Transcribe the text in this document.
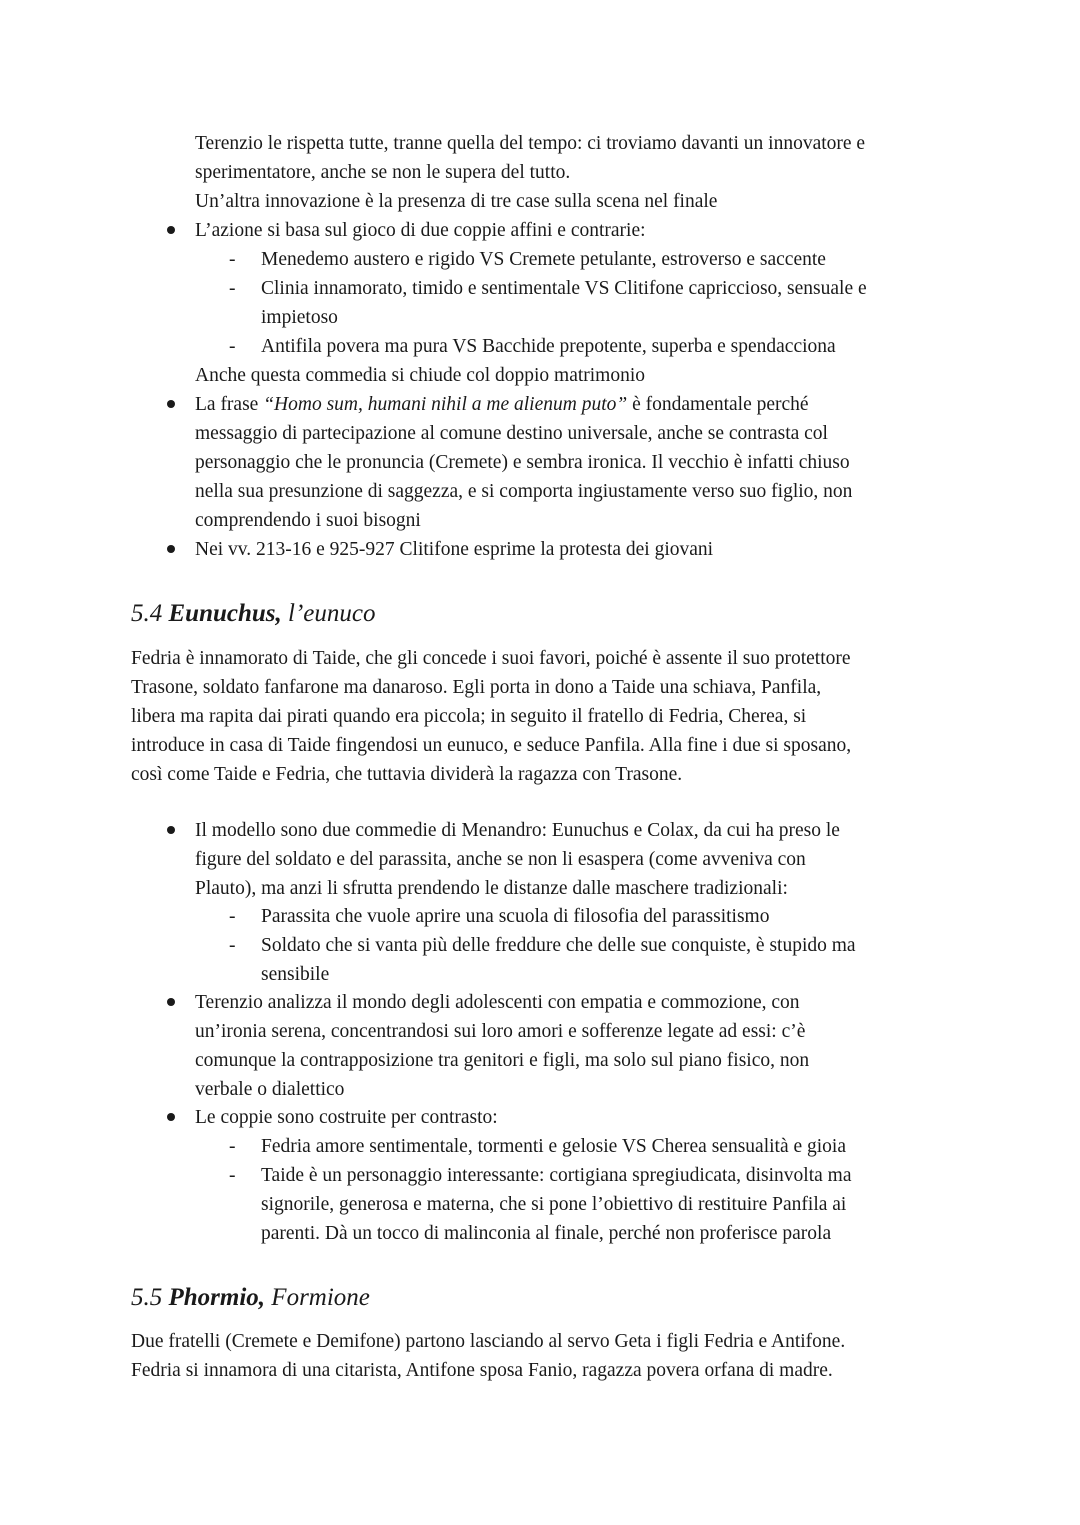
Terenzio le rispetta tutte, tranne quella del tempo: ci troviamo davanti un innovatore e
sperimentatore, anche se non le supera del tutto.
Un’altra innovazione è la presenza di tre case sulla scena nel finale
L’azione si basa sul gioco di due coppie affini e contrarie:
- Menedemo austero e rigido VS Cremete petulante, estroverso e saccente
- Clinia innamorato, timido e sentimentale VS Clitifone capriccioso, sensuale e
impietoso
- Antifila povera ma pura VS Bacchide prepotente, superba e spendacciona
Anche questa commedia si chiude col doppio matrimonio
La frase “Homo sum, humani nihil a me alienum puto” è fondamentale perché
messaggio di partecipazione al comune destino universale, anche se contrasta col
personaggio che le pronuncia (Cremete) e sembra ironica. Il vecchio è infatti chiuso
nella sua presunzione di saggezza, e si comporta ingiustamente verso suo figlio, non
comprendendo i suoi bisogni
Nei vv. 213-16 e 925-927 Clitifone esprime la protesta dei giovani
5.4 Eunuchus, l’eunuco
Fedria è innamorato di Taide, che gli concede i suoi favori, poiché è assente il suo protettore
Trasone, soldato fanfarone ma danaroso. Egli porta in dono a Taide una schiava, Panfila,
libera ma rapita dai pirati quando era piccola; in seguito il fratello di Fedria, Cherea, si
introduce in casa di Taide fingendosi un eunuco, e seduce Panfila. Alla fine i due si sposano,
così come Taide e Fedria, che tuttavia dividerà la ragazza con Trasone.
Il modello sono due commedie di Menandro: Eunuchus e Colax, da cui ha preso le
figure del soldato e del parassita, anche se non li esaspera (come avveniva con
Plauto), ma anzi li sfrutta prendendo le distanze dalle maschere tradizionali:
- Parassita che vuole aprire una scuola di filosofia del parassitismo
- Soldato che si vanta più delle freddure che delle sue conquiste, è stupido ma
sensibile
Terenzio analizza il mondo degli adolescenti con empatia e commozione, con
un’ironia serena, concentrandosi sui loro amori e sofferenze legate ad essi: c’è
comunque la contrapposizione tra genitori e figli, ma solo sul piano fisico, non
verbale o dialettico
Le coppie sono costruite per contrasto:
- Fedria amore sentimentale, tormenti e gelosie VS Cherea sensualità e gioia
- Taide è un personaggio interessante: cortigiana spregiudicata, disinvolta ma
signorile, generosa e materna, che si pone l’obiettivo di restituire Panfila ai
parenti. Dà un tocco di malinconia al finale, perché non proferisce parola
5.5 Phormio, Formione
Due fratelli (Cremete e Demifone) partono lasciando al servo Geta i figli Fedria e Antifone.
Fedria si innamora di una citarista, Antifone sposa Fanio, ragazza povera orfana di madre.
